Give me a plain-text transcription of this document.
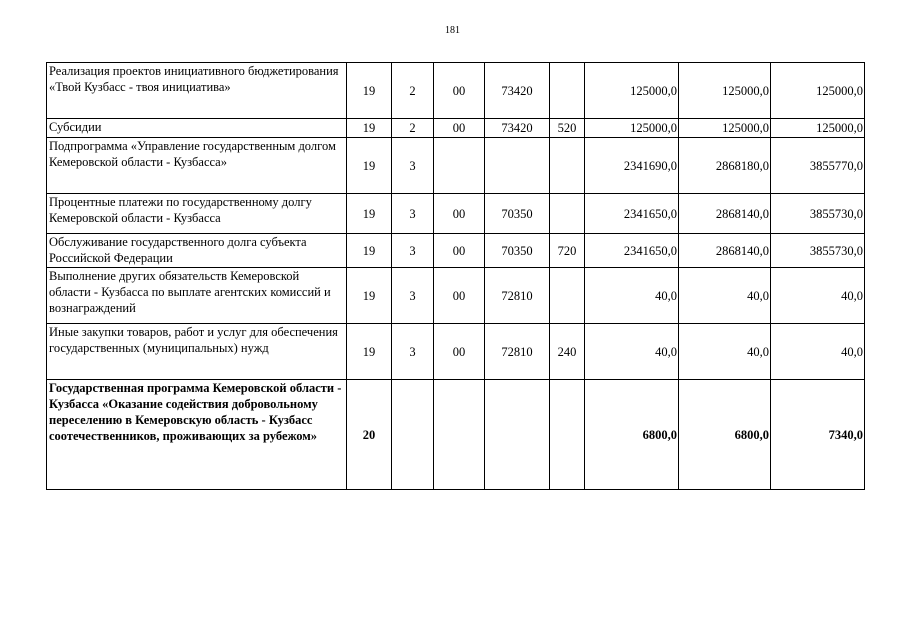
181
Реализация проектов инициативного бюджетирования «Твой Кузбасс - твоя инициатива»	19	2	00	73420		125000,0	125000,0	125000,0
Субсидии	19	2	00	73420	520	125000,0	125000,0	125000,0
Подпрограмма «Управление государственным долгом Кемеровской области - Кузбасса»	19	3				2341690,0	2868180,0	3855770,0
Процентные платежи по государственному долгу Кемеровской области - Кузбасса	19	3	00	70350		2341650,0	2868140,0	3855730,0
Обслуживание государственного долга субъекта Российской Федерации	19	3	00	70350	720	2341650,0	2868140,0	3855730,0
Выполнение других обязательств Кемеровской области - Кузбасса по выплате агентских комиссий и вознаграждений	19	3	00	72810		40,0	40,0	40,0
Иные закупки товаров, работ и услуг для обеспечения государственных (муниципальных) нужд	19	3	00	72810	240	40,0	40,0	40,0
Государственная программа Кемеровской области - Кузбасса «Оказание содействия добровольному переселению в Кемеровскую область - Кузбасс соотечественников, проживающих за рубежом»	20					6800,0	6800,0	7340,0
